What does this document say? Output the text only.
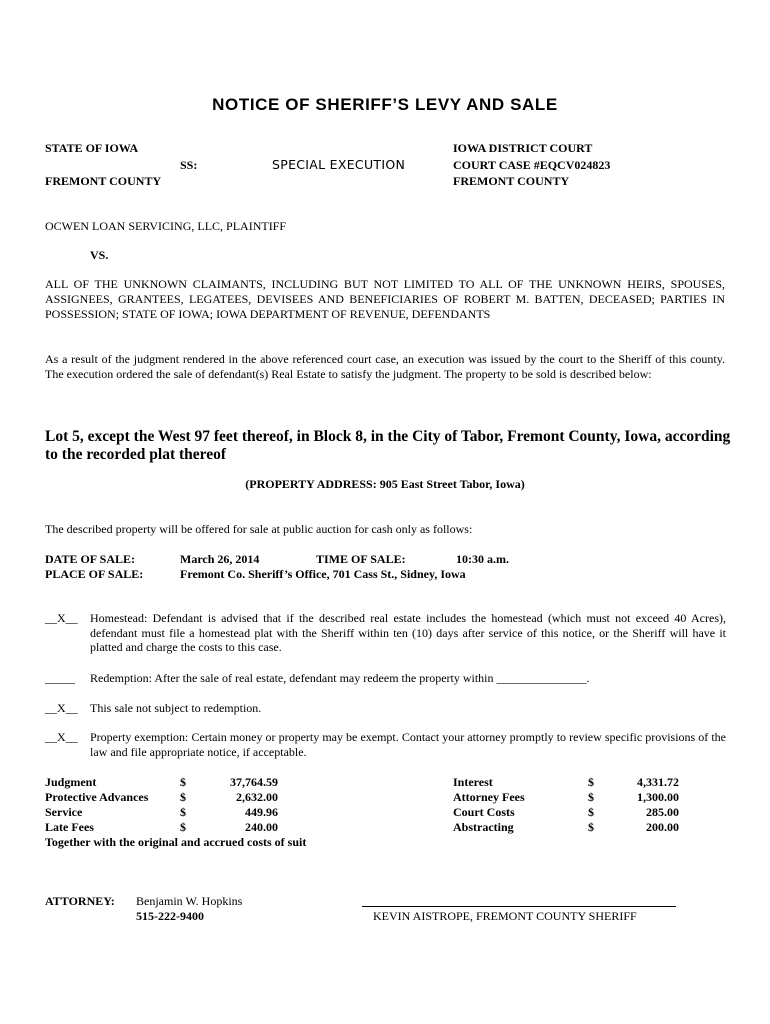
NOTICE OF SHERIFF’S LEVY AND SALE
STATE OF IOWA
SS:
FREMONT COUNTY
SPECIAL EXECUTION
IOWA DISTRICT COURT
COURT CASE #EQCV024823
FREMONT COUNTY
OCWEN LOAN SERVICING, LLC, PLAINTIFF
VS.
ALL OF THE UNKNOWN CLAIMANTS, INCLUDING BUT NOT LIMITED TO ALL OF THE UNKNOWN HEIRS, SPOUSES, ASSIGNEES, GRANTEES, LEGATEES, DEVISEES AND BENEFICIARIES OF ROBERT M. BATTEN, DECEASED; PARTIES IN POSSESSION; STATE OF IOWA; IOWA DEPARTMENT OF REVENUE, DEFENDANTS
As a result of the judgment rendered in the above referenced court case, an execution was issued by the court to the Sheriff of this county. The execution ordered the sale of defendant(s) Real Estate to satisfy the judgment. The property to be sold is described below:
Lot 5, except the West 97 feet thereof, in Block 8, in the City of Tabor, Fremont County, Iowa, according to the recorded plat thereof
(PROPERTY ADDRESS: 905 East Street Tabor, Iowa)
The described property will be offered for sale at public auction for cash only as follows:
DATE OF SALE:	March 26, 2014	TIME OF SALE:	10:30 a.m.
PLACE OF SALE:	Fremont Co. Sheriff’s Office, 701 Cass St., Sidney, Iowa
__X__ Homestead: Defendant is advised that if the described real estate includes the homestead (which must not exceed 40 Acres), defendant must file a homestead plat with the Sheriff within ten (10) days after service of this notice, or the Sheriff will have it platted and charge the costs to this case.
_____ Redemption: After the sale of real estate, defendant may redeem the property within _______________.
__X__ This sale not subject to redemption.
__X__ Property exemption: Certain money or property may be exempt. Contact your attorney promptly to review specific provisions of the law and file appropriate notice, if acceptable.
Judgment	$	37,764.59
Protective Advances	$	2,632.00
Service	$	449.96
Late Fees	$	240.00
Interest	$	4,331.72
Attorney Fees	$	1,300.00
Court Costs	$	285.00
Abstracting	$	200.00
Together with the original and accrued costs of suit
ATTORNEY: Benjamin W. Hopkins
515-222-9400	KEVIN AISTROPE, FREMONT COUNTY SHERIFF
